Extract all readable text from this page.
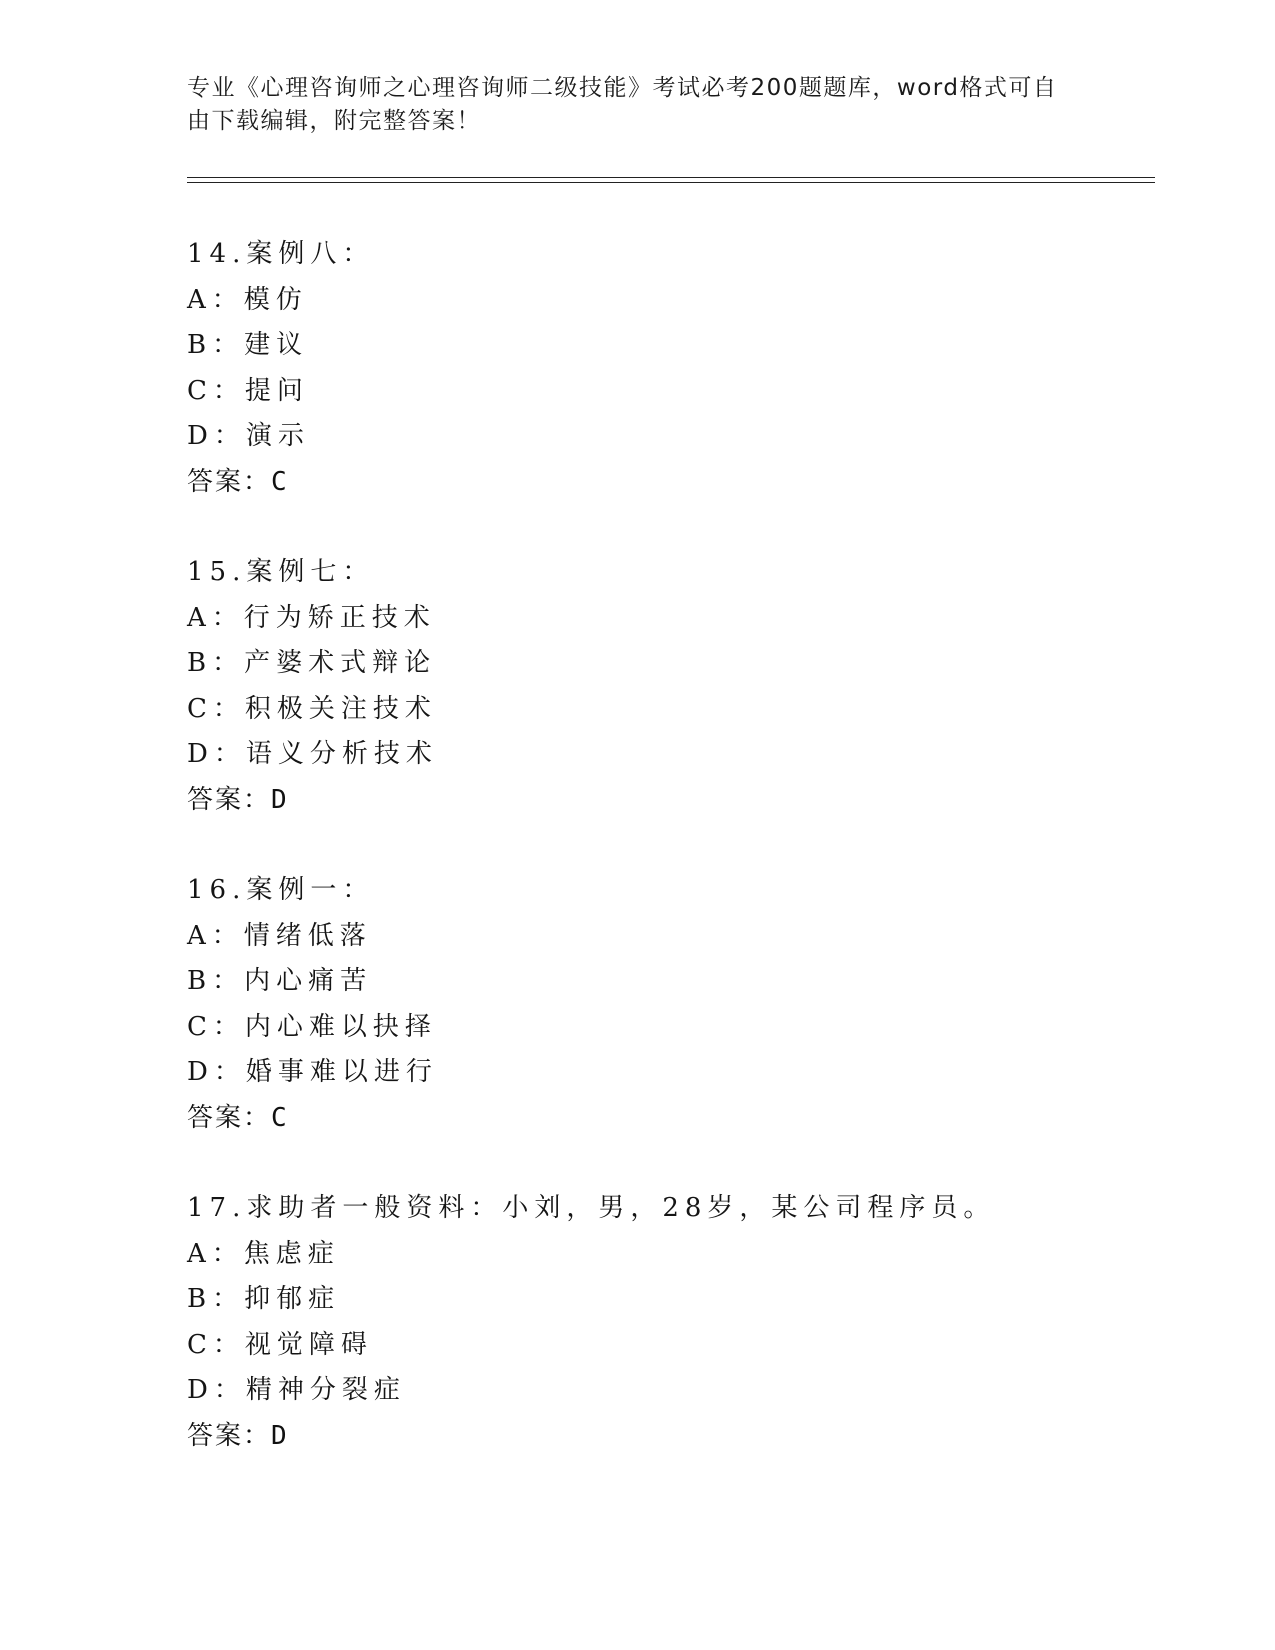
专业《心理咨询师之心理咨询师二级技能》考试必考200题题库，word格式可自
由下载编辑，附完整答案！
14.案例八：
A：模仿
B：建议
C：提问
D：演示
答案：C
15.案例七：
A：行为矫正技术
B：产婆术式辩论
C：积极关注技术
D：语义分析技术
答案：D
16.案例一：
A：情绪低落
B：内心痛苦
C：内心难以抉择
D：婚事难以进行
答案：C
17.求助者一般资料：小刘，男，28岁，某公司程序员。
A：焦虑症
B：抑郁症
C：视觉障碍
D：精神分裂症
答案：D
